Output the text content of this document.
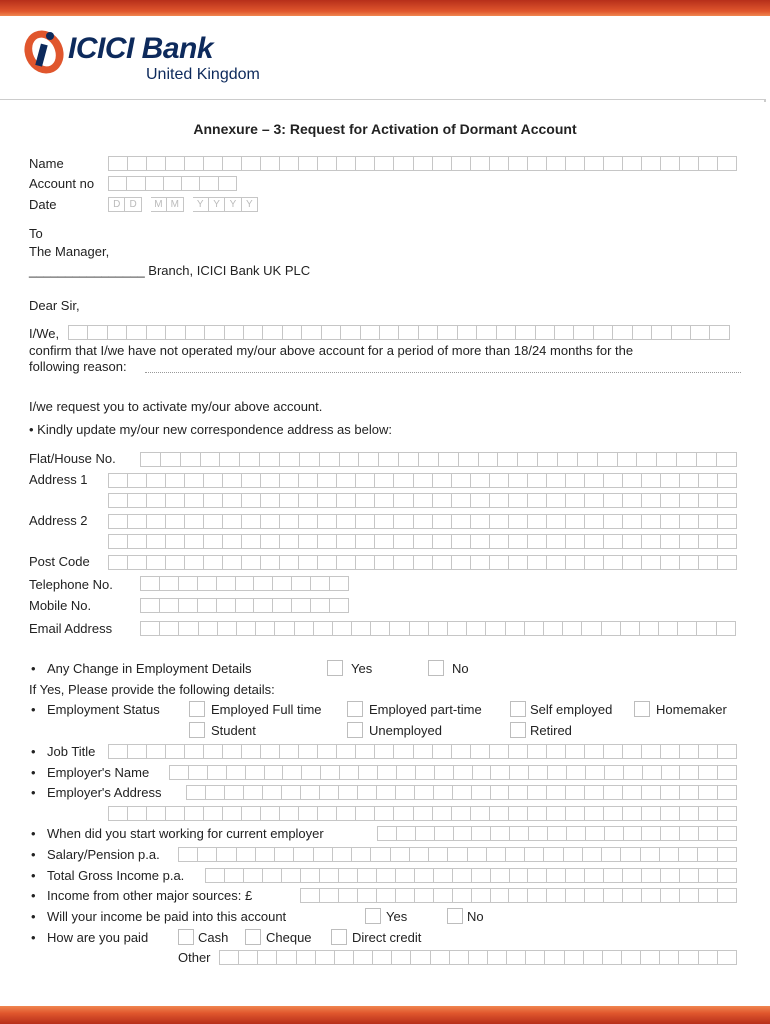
ICICI Bank
United Kingdom
Annexure – 3: Request for Activation of Dormant Account
Name
Account no
Date	D D	M M	Y Y Y Y
To
The Manager,
________________ Branch, ICICI Bank UK PLC
Dear Sir,
I/We,
confirm that I/we have not operated my/our above account for a period of more than 18/24 months for the
following reason:
I/we request you to activate my/our above account.
• Kindly update my/our new correspondence address as below:
Flat/House No.
Address 1
Address 2
Post Code
Telephone No.
Mobile No.
Email Address
• Any Change in Employment Details	Yes	No
If Yes, Please provide the following details:
• Employment Status	Employed Full time	Employed part-time	Self employed	Homemaker
Student	Unemployed	Retired
• Job Title
• Employer's Name
• Employer's Address
• When did you start working for current employer
• Salary/Pension p.a.
• Total Gross Income p.a.
• Income from other major sources: £
• Will your income be paid into this account	Yes	No
• How are you paid	Cash	Cheque	Direct credit
Other
